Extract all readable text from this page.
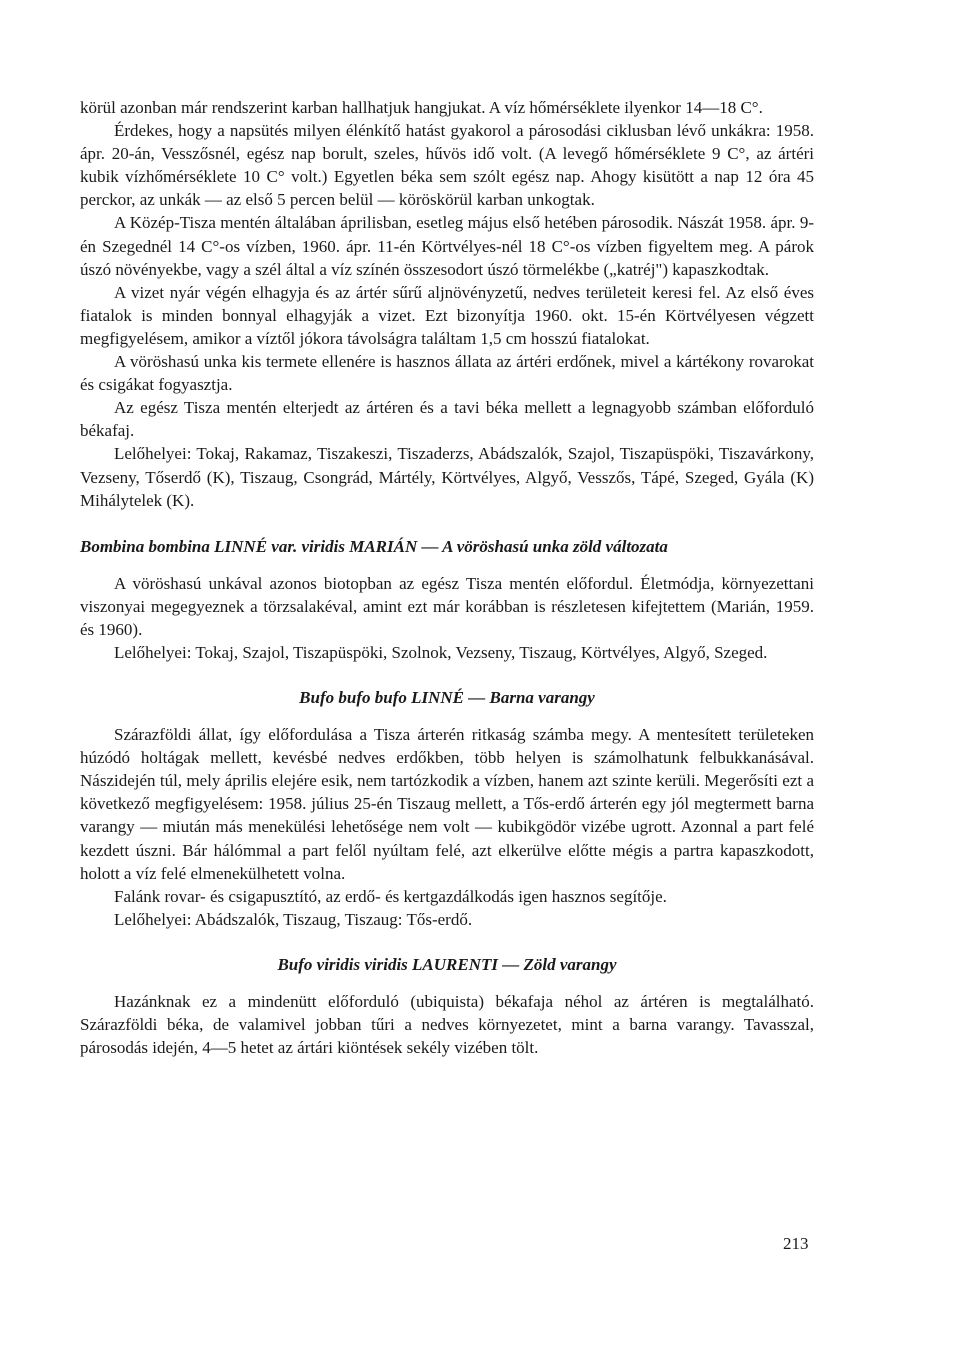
körül azonban már rendszerint karban hallhatjuk hangjukat. A víz hőmérséklete ilyenkor 14—18 C°.

Érdekes, hogy a napsütés milyen élénkítő hatást gyakorol a párosodási ciklusban lévő unkákra: 1958. ápr. 20-án, Vesszősnél, egész nap borult, szeles, hűvös idő volt. (A levegő hőmérséklete 9 C°, az ártéri kubik vízhőmérséklete 10 C° volt.) Egyetlen béka sem szólt egész nap. Ahogy kisütött a nap 12 óra 45 perckor, az unkák — az első 5 percen belül — köröskörül karban unkogtak.

A Közép-Tisza mentén általában áprilisban, esetleg május első hetében párosodik. Nászát 1958. ápr. 9-én Szegednél 14 C°-os vízben, 1960. ápr. 11-én Körtvélyes-nél 18 C°-os vízben figyeltem meg. A párok úszó növényekbe, vagy a szél által a víz színén összesodort úszó törmelékbe („katréj") kapaszkodtak.

A vizet nyár végén elhagyja és az ártér sűrű aljnövényzetű, nedves területeit keresi fel. Az első éves fiatalok is minden bonnyal elhagyják a vizet. Ezt bizonyítja 1960. okt. 15-én Körtvélyesen végzett megfigyelésem, amikor a víztől jókora távolságra találtam 1,5 cm hosszú fiatalokat.

A vöröshasú unka kis termete ellenére is hasznos állata az ártéri erdőnek, mivel a kártékony rovarokat és csigákat fogyasztja.

Az egész Tisza mentén elterjedt az ártéren és a tavi béka mellett a legnagyobb számban előforduló békafaj.

Lelőhelyei: Tokaj, Rakamaz, Tiszakeszi, Tiszaderzs, Abádszalók, Szajol, Tiszapüspöki, Tiszavárkony, Vezseny, Tőserdő (K), Tiszaug, Csongrád, Mártély, Körtvélyes, Algyő, Vesszős, Tápé, Szeged, Gyála (K) Mihálytelek (K).

Bombina bombina LINNÉ var. viridis MARIÁN — A vöröshasú unka zöld változata

A vöröshasú unkával azonos biotopban az egész Tisza mentén előfordul. Életmódja, környezettani viszonyai megegyeznek a törzsalakéval, amint ezt már korábban is részletesen kifejtettem (Marián, 1959. és 1960).

Lelőhelyei: Tokaj, Szajol, Tiszapüspöki, Szolnok, Vezseny, Tiszaug, Körtvélyes, Algyő, Szeged.

Bufo bufo bufo LINNÉ — Barna varangy

Szárazföldi állat, így előfordulása a Tisza árterén ritkaság számba megy. A mentesített területeken húzódó holtágak mellett, kevésbé nedves erdőkben, több helyen is számolhatunk felbukkanásával. Nászidején túl, mely április elejére esik, nem tartózkodik a vízben, hanem azt szinte kerüli. Megerősíti ezt a következő megfigyelésem: 1958. július 25-én Tiszaug mellett, a Tős-erdő árterén egy jól megtermett barna varangy — miután más menekülési lehetősége nem volt — kubikgödör vizébe ugrott. Azonnal a part felé kezdett úszni. Bár hálómmal a part felől nyúltam felé, azt elkerülve előtte mégis a partra kapaszkodott, holott a víz felé elmenekülhetett volna.

Falánk rovar- és csigapusztító, az erdő- és kertgazdálkodás igen hasznos segítője.

Lelőhelyei: Abádszalók, Tiszaug, Tiszaug: Tős-erdő.

Bufo viridis viridis LAURENTI — Zöld varangy

Hazánknak ez a mindenütt előforduló (ubiquista) békafaja néhol az ártéren is megtalálható. Szárazföldi béka, de valamivel jobban tűri a nedves környezetet, mint a barna varangy. Tavasszal, párosodás idején, 4—5 hetet az ártári kiöntések sekély vizében tölt.

213
